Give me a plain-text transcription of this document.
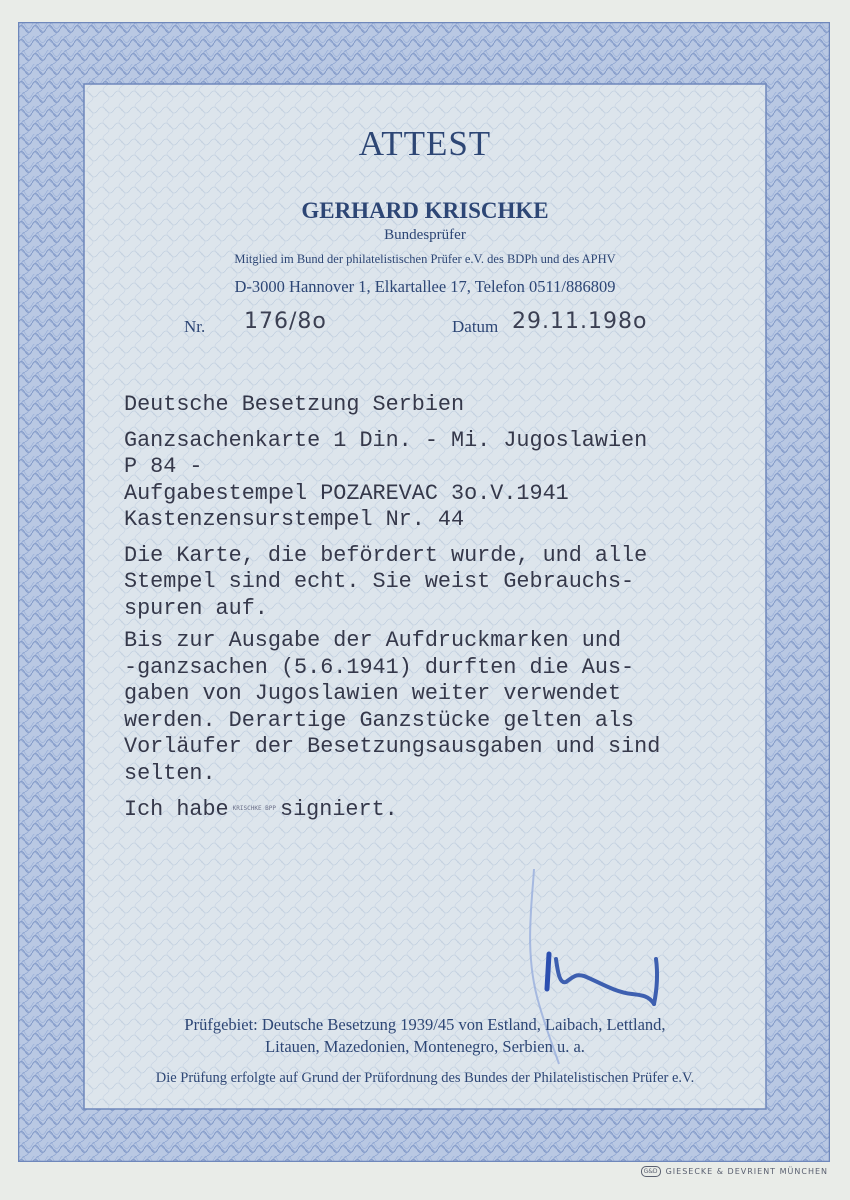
ATTEST
GERHARD KRISCHKE
Bundesprüfer
Mitglied im Bund der philatelistischen Prüfer e.V. des BDPh und des APHV
D-3000 Hannover 1, Elkartallee 17, Telefon 0511/886809
Nr. 176/8o	Datum 29.11.198o
Deutsche Besetzung Serbien
Ganzsachenkarte 1 Din. - Mi. Jugoslawien
P 84 -
Aufgabestempel POZAREVAC 3o.V.1941
Kastenzensurstempel Nr. 44
Die Karte, die befördert wurde, und alle
Stempel sind echt. Sie weist Gebrauchs-
spuren auf.
Bis zur Ausgabe der Aufdruckmarken und
-ganzsachen (5.6.1941) durften die Aus-
gaben von Jugoslawien weiter verwendet
werden. Derartige Ganzstücke gelten als
Vorläufer der Besetzungsausgaben und sind
selten.
Ich habe KRISCHKE BPP signiert.
Prüfgebiet: Deutsche Besetzung 1939/45 von Estland, Laibach, Lettland,
Litauen, Mazedonien, Montenegro, Serbien u. a.
Die Prüfung erfolgte auf Grund der Prüfordnung des Bundes der Philatelistischen Prüfer e.V.
G&D	GIESECKE & DEVRIENT MÜNCHEN
